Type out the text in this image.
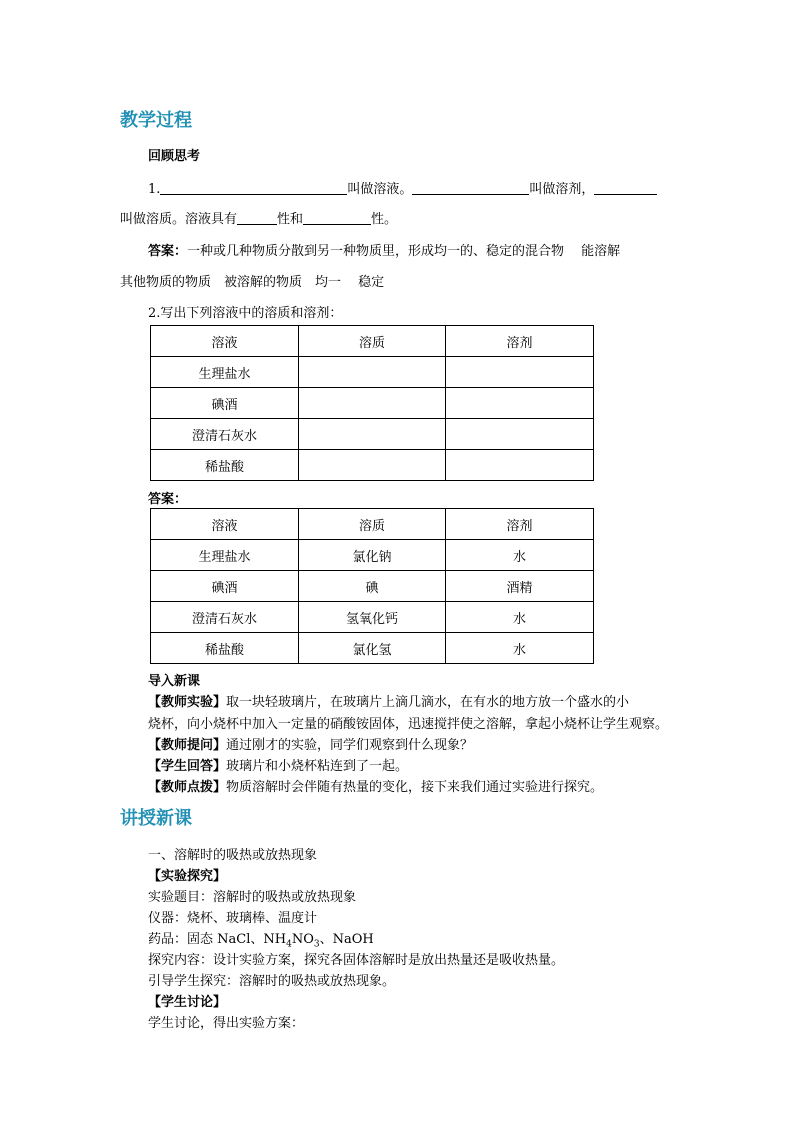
教学过程
回顾思考
1.	叫做溶液。	叫做溶剂，
叫做溶质。溶液具有	性和	性。
答案：一种或几种物质分散到另一种物质里，形成均一的、稳定的混合物　 能溶解
其他物质的物质　被溶解的物质　均一　 稳定
2.写出下列溶液中的溶质和溶剂：
溶液	溶质	溶剂
生理盐水		
碘酒		
澄清石灰水		
稀盐酸		
答案：
溶液	溶质	溶剂
生理盐水	氯化钠	水
碘酒	碘	酒精
澄清石灰水	氢氧化钙	水
稀盐酸	氯化氢	水
导入新课
【教师实验】取一块轻玻璃片，在玻璃片上滴几滴水，在有水的地方放一个盛水的小
烧杯，向小烧杯中加入一定量的硝酸铵固体，迅速搅拌使之溶解，拿起小烧杯让学生观察。
【教师提问】通过刚才的实验，同学们观察到什么现象？
【学生回答】玻璃片和小烧杯粘连到了一起。
【教师点拨】物质溶解时会伴随有热量的变化，接下来我们通过实验进行探究。
讲授新课
一、溶解时的吸热或放热现象
【实验探究】
实验题目：溶解时的吸热或放热现象
仪器：烧杯、玻璃棒、温度计
药品：固态 NaCl、$NH_4NO_3$、NaOH
探究内容：设计实验方案，探究各固体溶解时是放出热量还是吸收热量。
引导学生探究：溶解时的吸热或放热现象。
【学生讨论】
学生讨论，得出实验方案：
